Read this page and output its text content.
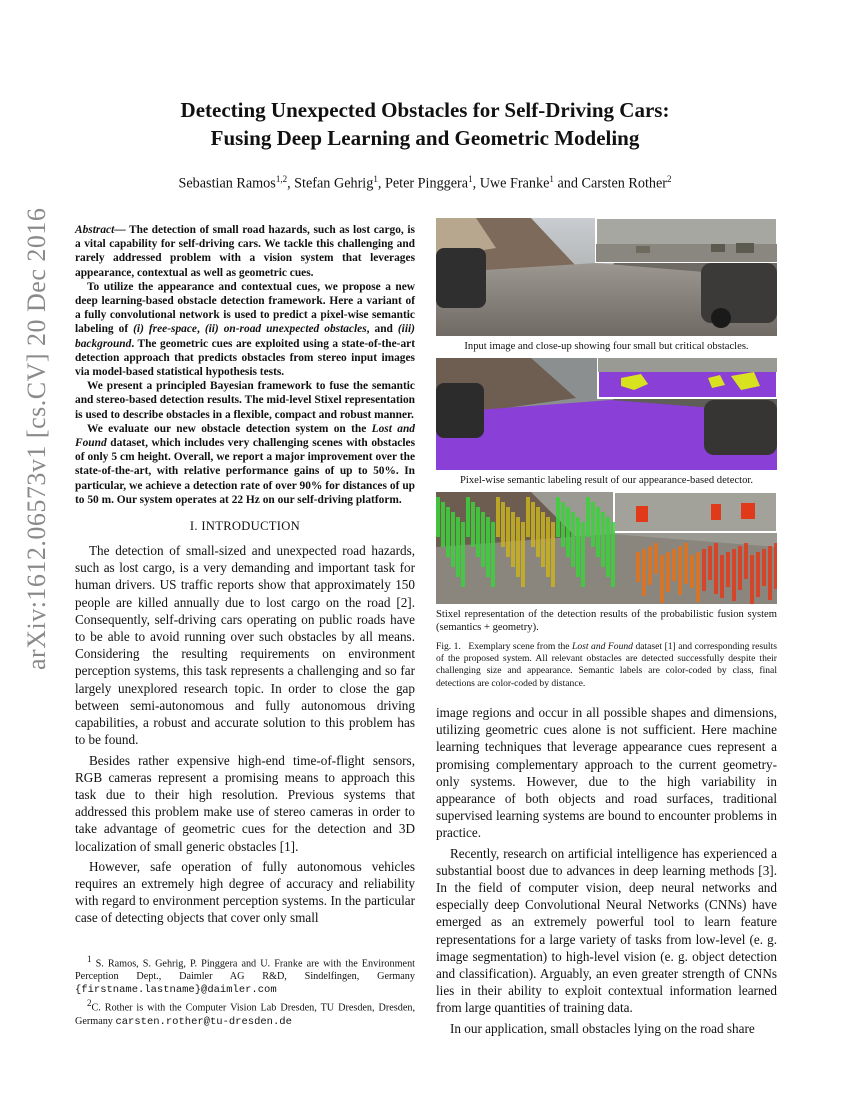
arXiv:1612.06573v1 [cs.CV] 20 Dec 2016
Detecting Unexpected Obstacles for Self-Driving Cars:
Fusing Deep Learning and Geometric Modeling
Sebastian Ramos$^{1,2}$, Stefan Gehrig$^1$, Peter Pinggera$^1$, Uwe Franke$^1$ and Carsten Rother$^2$

Abstract— The detection of small road hazards, such as lost cargo, is a vital capability for self-driving cars. We tackle this challenging and rarely addressed problem with a vision system that leverages appearance, contextual as well as geometric cues.

To utilize the appearance and contextual cues, we propose a new deep learning-based obstacle detection framework. Here a variant of a fully convolutional network is used to predict a pixel-wise semantic labeling of (i) free-space, (ii) on-road unexpected obstacles, and (iii) background. The geometric cues are exploited using a state-of-the-art detection approach that predicts obstacles from stereo input images via model-based statistical hypothesis tests.

We present a principled Bayesian framework to fuse the semantic and stereo-based detection results. The mid-level Stixel representation is used to describe obstacles in a flexible, compact and robust manner.

We evaluate our new obstacle detection system on the Lost and Found dataset, which includes very challenging scenes with obstacles of only 5 cm height. Overall, we report a major improvement over the state-of-the-art, with relative performance gains of up to 50%. In particular, we achieve a detection rate of over 90% for distances of up to 50 m. Our system operates at 22 Hz on our self-driving platform.

I. INTRODUCTION

The detection of small-sized and unexpected road hazards, such as lost cargo, is a very demanding and important task for human drivers. US traffic reports show that approximately 150 people are killed annually due to lost cargo on the road [2]. Consequently, self-driving cars operating on public roads have to be able to avoid running over such obstacles by all means. Considering the resulting requirements on environment perception systems, this task represents a challenging and so far largely unexplored research topic. In order to close the gap between semi-autonomous and fully autonomous driving capabilities, a robust and accurate solution to this problem has to be found.

Besides rather expensive high-end time-of-flight sensors, RGB cameras represent a promising means to approach this task due to their high resolution. Previous systems that addressed this problem make use of stereo cameras in order to take advantage of geometric cues for the detection and 3D localization of small generic obstacles [1].

However, safe operation of fully autonomous vehicles requires an extremely high degree of accuracy and reliability with regard to environment perception systems. In the particular case of detecting objects that cover only small

$^1$ S. Ramos, S. Gehrig, P. Pinggera and U. Franke are with the Environment Perception Dept., Daimler AG R&D, Sindelfingen, Germany {firstname.lastname}@daimler.com

$^2$C. Rother is with the Computer Vision Lab Dresden, TU Dresden, Dresden, Germany carsten.rother@tu-dresden.de

Input image and close-up showing four small but critical obstacles.
Pixel-wise semantic labeling result of our appearance-based detector.
Stixel representation of the detection results of the probabilistic fusion system (semantics + geometry).
Fig. 1. Exemplary scene from the Lost and Found dataset [1] and corresponding results of the proposed system. All relevant obstacles are detected successfully despite their challenging size and appearance. Semantic labels are color-coded by class, final detections are color-coded by distance.

image regions and occur in all possible shapes and dimensions, utilizing geometric cues alone is not sufficient. Here machine learning techniques that leverage appearance cues represent a promising complementary approach to the current geometry-only systems. However, due to the high variability in appearance of both objects and road surfaces, traditional supervised learning systems are bound to encounter problems in practice.

Recently, research on artificial intelligence has experienced a substantial boost due to advances in deep learning methods [3]. In the field of computer vision, deep neural networks and especially deep Convolutional Neural Networks (CNNs) have emerged as an extremely powerful tool to learn feature representations for a large variety of tasks from low-level (e. g. image segmentation) to high-level vision (e. g. object detection and classification). Arguably, an even greater strength of CNNs lies in their ability to exploit contextual information learned from large quantities of training data.

In our application, small obstacles lying on the road share
